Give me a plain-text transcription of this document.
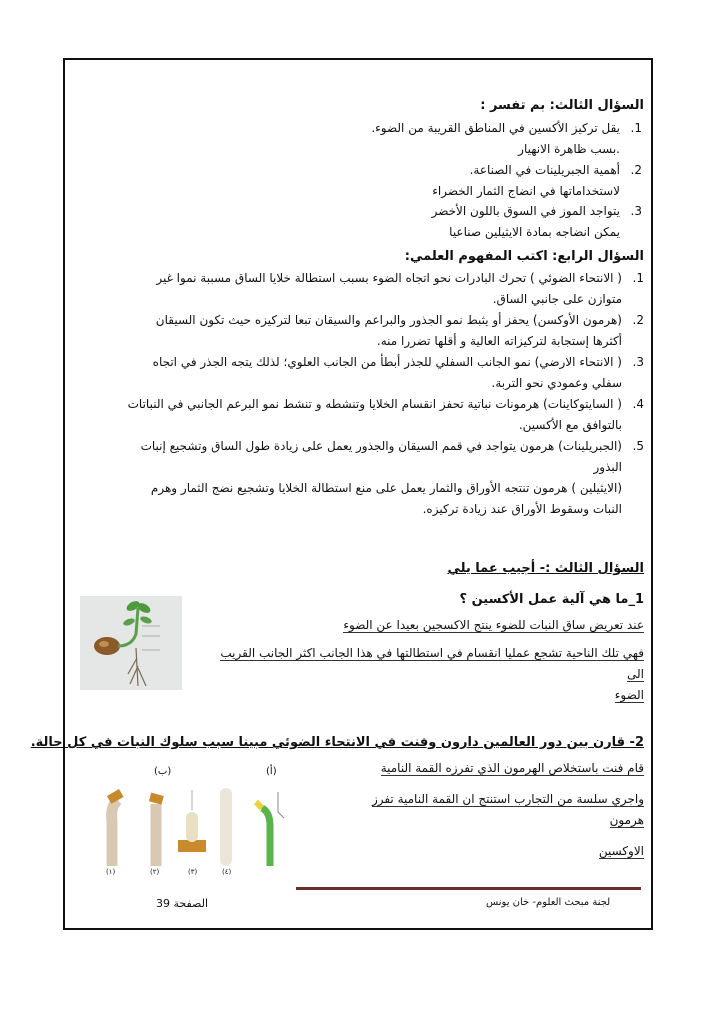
السؤال الثالث: بم تفسر :
1.يقل تركيز الأكسين في المناطق القريبة من الضوء.
.بسب ظاهرة الانهيار
2.أهمية الجبريلينات في الصناعة.
لاستخداماتها في انضاج الثمار الخضراء
3.يتواجد الموز في السوق باللون الأخضر
يمكن انضاجه بمادة الايثيلين صناعيا
السؤال الرابع: اكتب المفهوم العلمي:
1.( الانتحاء الضوئي ) تحرك البادرات نحو اتجاه الضوء بسبب استطالة خلايا الساق مسببة نموا غير
متوازن على جانبي الساق.
2.(هرمون الأوكسن) يحفز أو يثبط نمو الجذور والبراعم والسيقان تبعا لتركيزه حيث تكون السيقان
أكثرها إستجابة لتركيزاته العالية و أقلها تضررا منه.
3.( الانتحاء الارضي) نمو الجانب السفلي للجذر أبطأ من الجانب العلوي؛ لذلك يتجه الجذر في اتجاه
سفلي وعمودي نحو التربة.
4.( السايتوكاينات) هرمونات نباتية تحفز انقسام الخلايا وتنشطه و تنشط نمو البرعم الجانبي في النباتات
بالتوافق مع الأكسين.
5.(الجبريلينات) هرمون يتواجد في قمم السيقان والجذور يعمل على زيادة طول الساق وتشجيع إنبات
البذور
(الايثيلين ) هرمون تنتجه الأوراق والثمار يعمل على منع استطالة الخلايا وتشجيع نضج الثمار وهرم
النبات وسقوط الأوراق عند زيادة تركيزه.
السؤال الثالث :- أجيب عما يلي
1_ما هي آلية عمل الأكسين ؟
عند تعريض ساق النبات للضوء ينتج الاكسجين بعيدا عن الضوء
فهي تلك الناحية تشجع عمليا انقسام في استطالتها في هذا الجانب اكثر الجانب القريب الى
الضوء
2- قارن بين دور العالمين دارون وفنت في الانتحاء الضوئي مبينا سبب سلوك النبات في كل حالة.
قام فنت باستخلاص الهرمون الذي تفرزه القمة النامية
واجري سلسة من التجارب استنتج ان القمة النامية تفرز هرمون
الاوكسين
(ب)	(أ)
(١)	(٢)	(٣)	(٤)
الصفحة 39	لجنة مبحث العلوم- خان يونس
